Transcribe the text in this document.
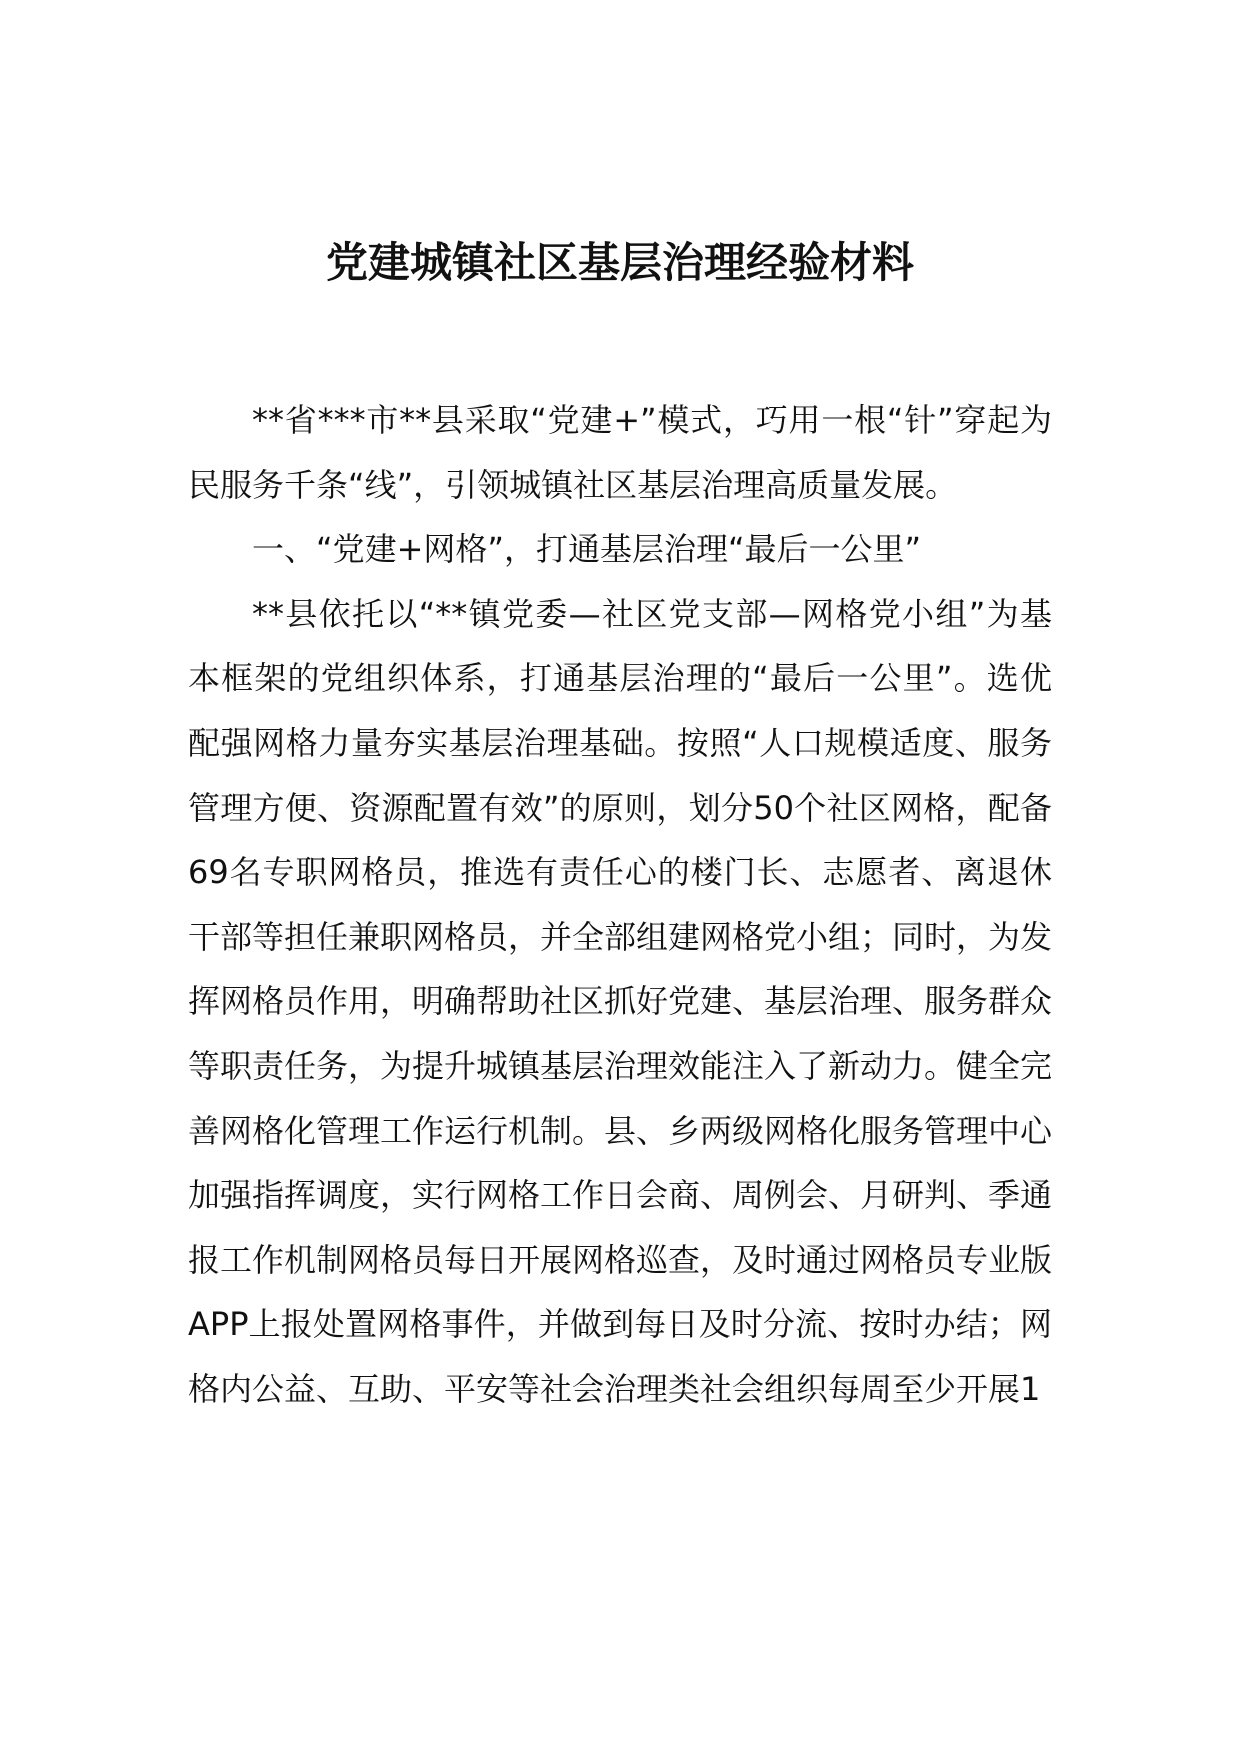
党建城镇社区基层治理经验材料

**省***市**县采取“党建+”模式，巧用一根“针”穿起为民服务千条“线”，引领城镇社区基层治理高质量发展。

一、“党建+网格”，打通基层治理“最后一公里”

**县依托以“**镇党委—社区党支部—网格党小组”为基本框架的党组织体系，打通基层治理的“最后一公里”。选优配强网格力量夯实基层治理基础。按照“人口规模适度、服务管理方便、资源配置有效”的原则，划分50个社区网格，配备69名专职网格员，推选有责任心的楼门长、志愿者、离退休干部等担任兼职网格员，并全部组建网格党小组；同时，为发挥网格员作用，明确帮助社区抓好党建、基层治理、服务群众等职责任务，为提升城镇基层治理效能注入了新动力。健全完善网格化管理工作运行机制。县、乡两级网格化服务管理中心加强指挥调度，实行网格工作日会商、周例会、月研判、季通报工作机制网格员每日开展网格巡查，及时通过网格员专业版APP上报处置网格事件，并做到每日及时分流、按时办结；网格内公益、互助、平安等社会治理类社会组织每周至少开展1
